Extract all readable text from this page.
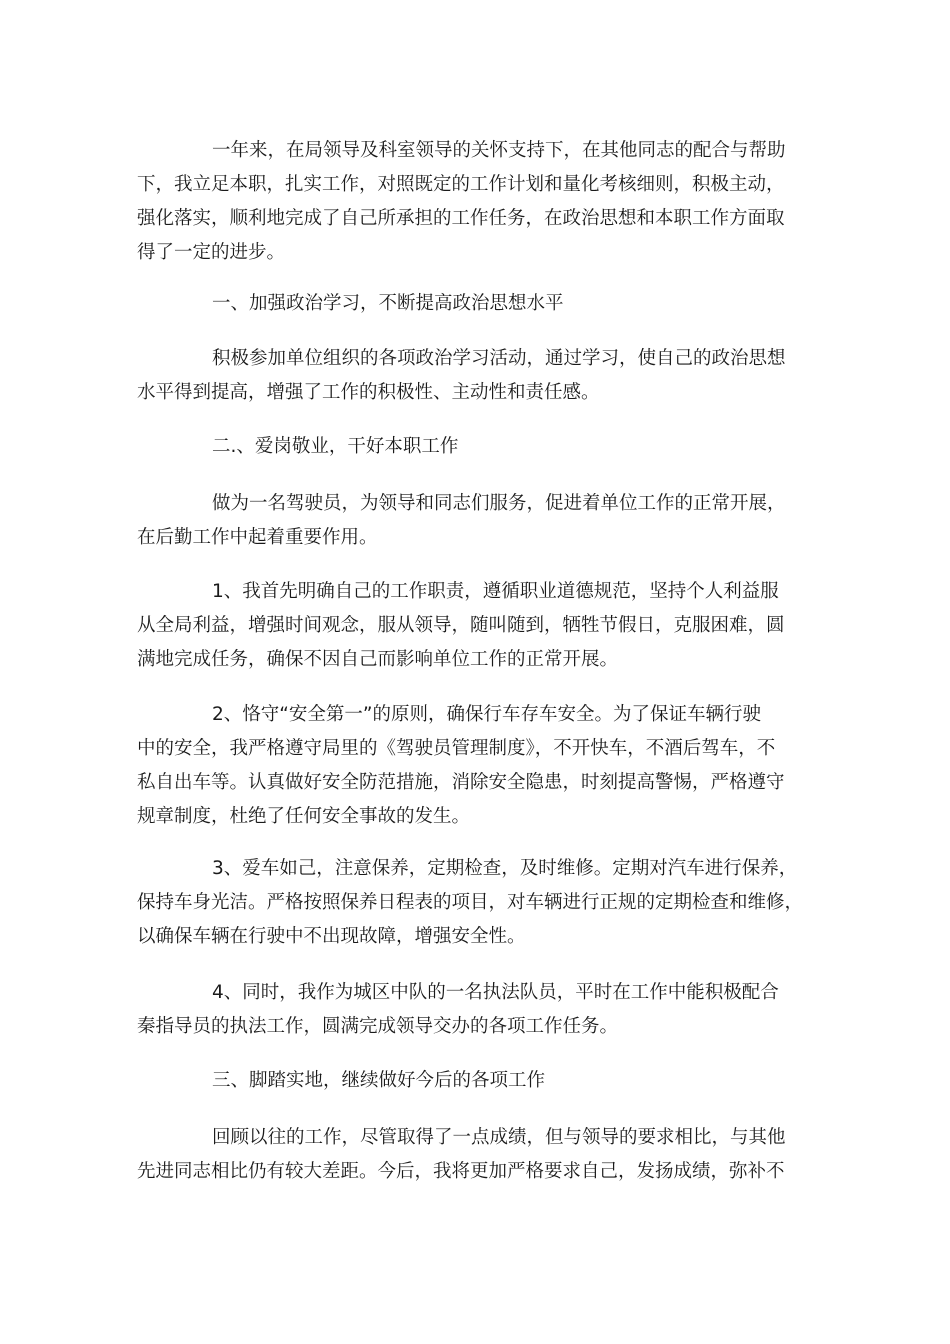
一年来，在局领导及科室领导的关怀支持下，在其他同志的配合与帮助
下，我立足本职，扎实工作，对照既定的工作计划和量化考核细则，积极主动，
强化落实，顺利地完成了自己所承担的工作任务，在政治思想和本职工作方面取
得了一定的进步。

一、加强政治学习，不断提高政治思想水平

积极参加单位组织的各项政治学习活动，通过学习，使自己的政治思想
水平得到提高，增强了工作的积极性、主动性和责任感。

二.、爱岗敬业，干好本职工作

做为一名驾驶员，为领导和同志们服务，促进着单位工作的正常开展，
在后勤工作中起着重要作用。

1、我首先明确自己的工作职责，遵循职业道德规范，坚持个人利益服
从全局利益，增强时间观念，服从领导，随叫随到，牺牲节假日，克服困难，圆
满地完成任务，确保不因自己而影响单位工作的正常开展。

2、恪守“安全第一”的原则，确保行车存车安全。为了保证车辆行驶
中的安全，我严格遵守局里的《驾驶员管理制度》，不开快车，不酒后驾车，不
私自出车等。认真做好安全防范措施，消除安全隐患，时刻提高警惕，严格遵守
规章制度，杜绝了任何安全事故的发生。

3、爱车如己，注意保养，定期检查，及时维修。定期对汽车进行保养，
保持车身光洁。严格按照保养日程表的项目，对车辆进行正规的定期检查和维修，
以确保车辆在行驶中不出现故障，增强安全性。

4、同时，我作为城区中队的一名执法队员，平时在工作中能积极配合
秦指导员的执法工作，圆满完成领导交办的各项工作任务。

三、脚踏实地，继续做好今后的各项工作

回顾以往的工作，尽管取得了一点成绩，但与领导的要求相比，与其他
先进同志相比仍有较大差距。今后，我将更加严格要求自己，发扬成绩，弥补不
